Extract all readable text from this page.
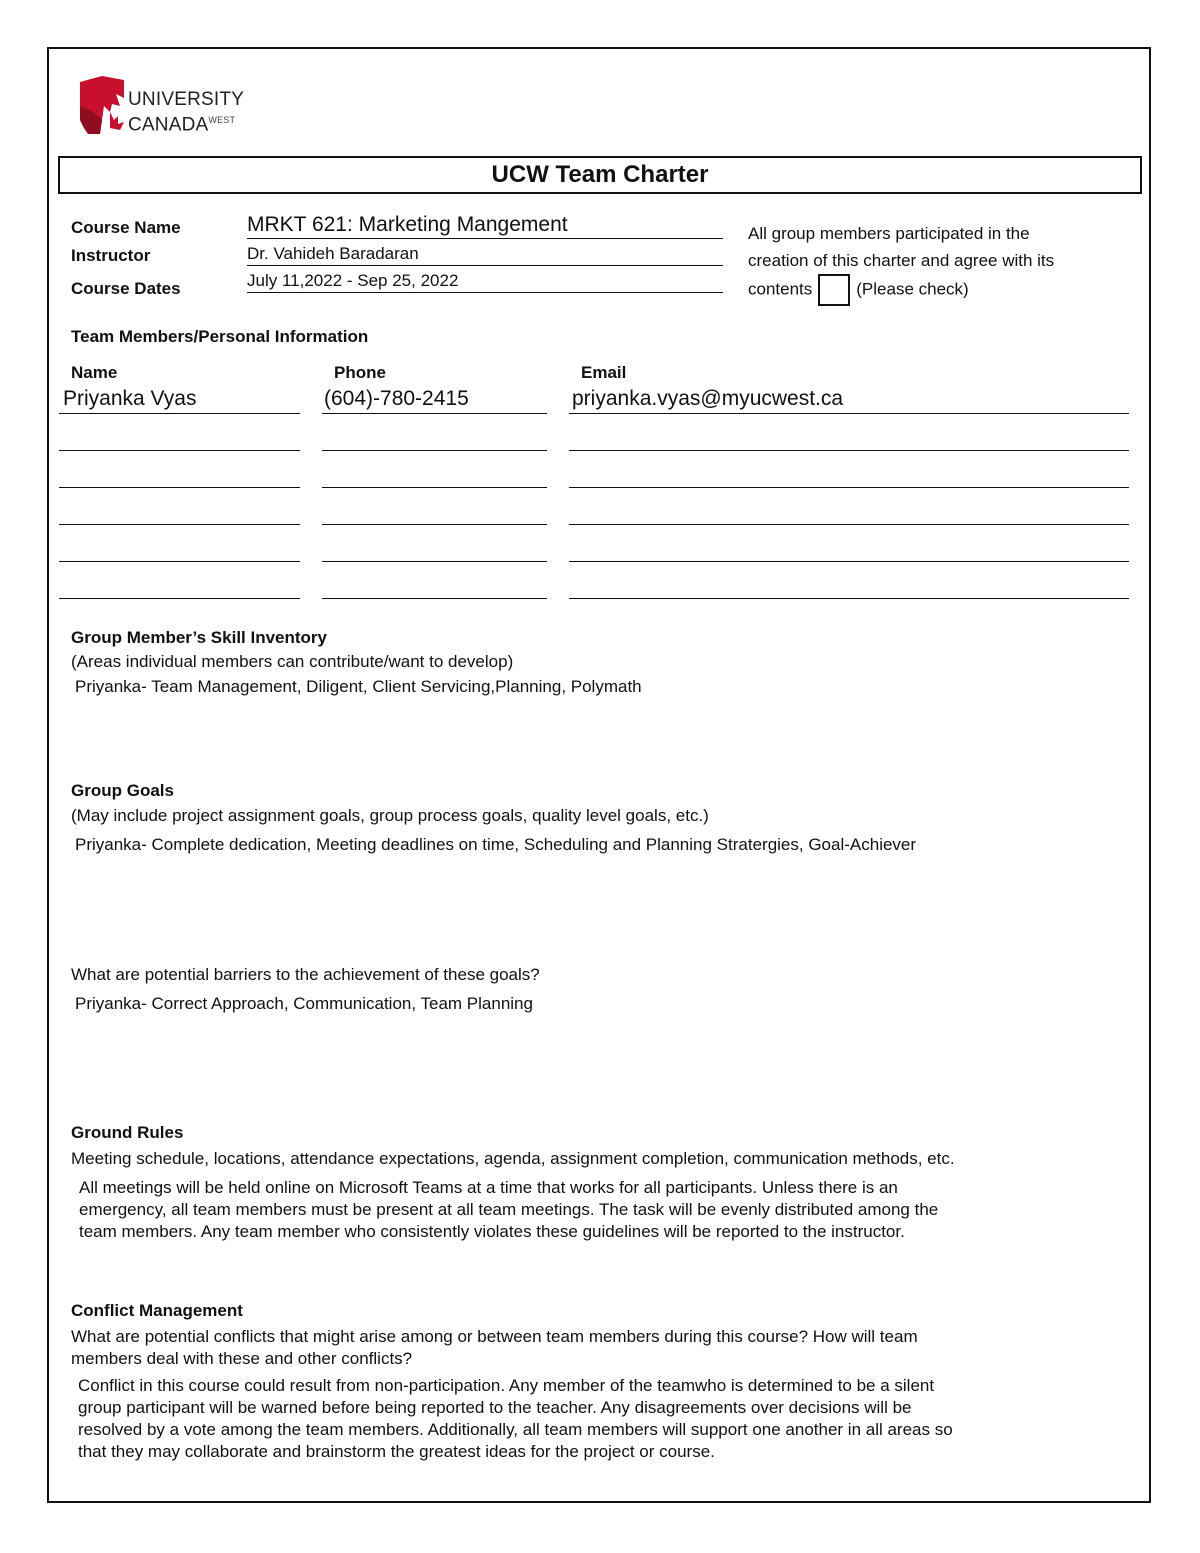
UNIVERSITY
$CANADA^{WEST}$
UCW Team Charter
Course Name	MRKT 621: Marketing Mangement
Instructor	Dr. Vahideh Baradaran
Course Dates	July 11,2022 - Sep 25, 2022
All group members participated in the
creation of this charter and agree with its
contents	(Please check)
Team Members/Personal Information
Name	Phone	Email
Priyanka Vyas	(604)-780-2415	priyanka.vyas@myucwest.ca
Group Member’s Skill Inventory
(Areas individual members can contribute/want to develop)
Priyanka- Team Management, Diligent, Client Servicing,Planning, Polymath
Group Goals
(May include project assignment goals, group process goals, quality level goals, etc.)
Priyanka- Complete dedication, Meeting deadlines on time, Scheduling and Planning Stratergies, Goal-Achiever
What are potential barriers to the achievement of these goals?
Priyanka- Correct Approach, Communication, Team Planning
Ground Rules
Meeting schedule, locations, attendance expectations, agenda, assignment completion, communication methods, etc.
All meetings will be held online on Microsoft Teams at a time that works for all participants. Unless there is an
emergency, all team members must be present at all team meetings. The task will be evenly distributed among the
team members. Any team member who consistently violates these guidelines will be reported to the instructor.
Conflict Management
What are potential conflicts that might arise among or between team members during this course? How will team
members deal with these and other conflicts?
Conflict in this course could result from non-participation. Any member of the teamwho is determined to be a silent
group participant will be warned before being reported to the teacher. Any disagreements over decisions will be
resolved by a vote among the team members. Additionally, all team members will support one another in all areas so
that they may collaborate and brainstorm the greatest ideas for the project or course.
